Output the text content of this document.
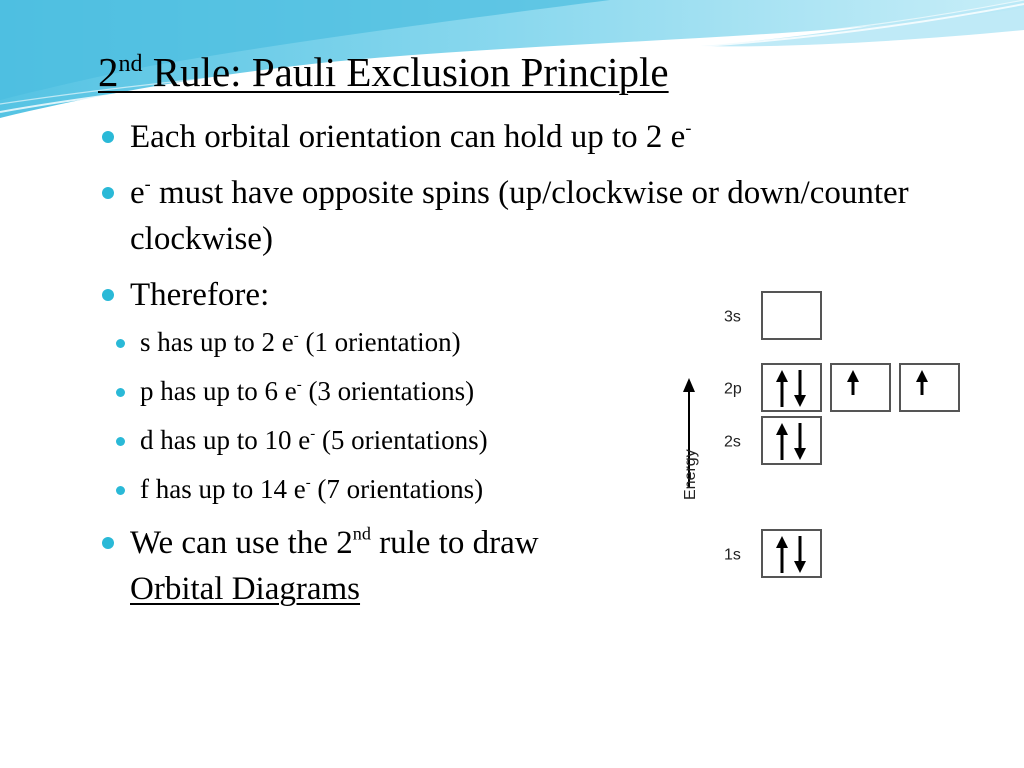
2nd Rule: Pauli Exclusion Principle
Each orbital orientation can hold up to 2 e-
e- must have opposite spins (up/clockwise or down/counter clockwise)
Therefore:
s has up to 2 e- (1 orientation)
p has up to 6 e- (3 orientations)
d has up to 10 e- (5 orientations)
f has up to 14 e- (7 orientations)
We can use the 2nd rule to draw
Orbital Diagrams
Energy
3s
2p
2s
1s
